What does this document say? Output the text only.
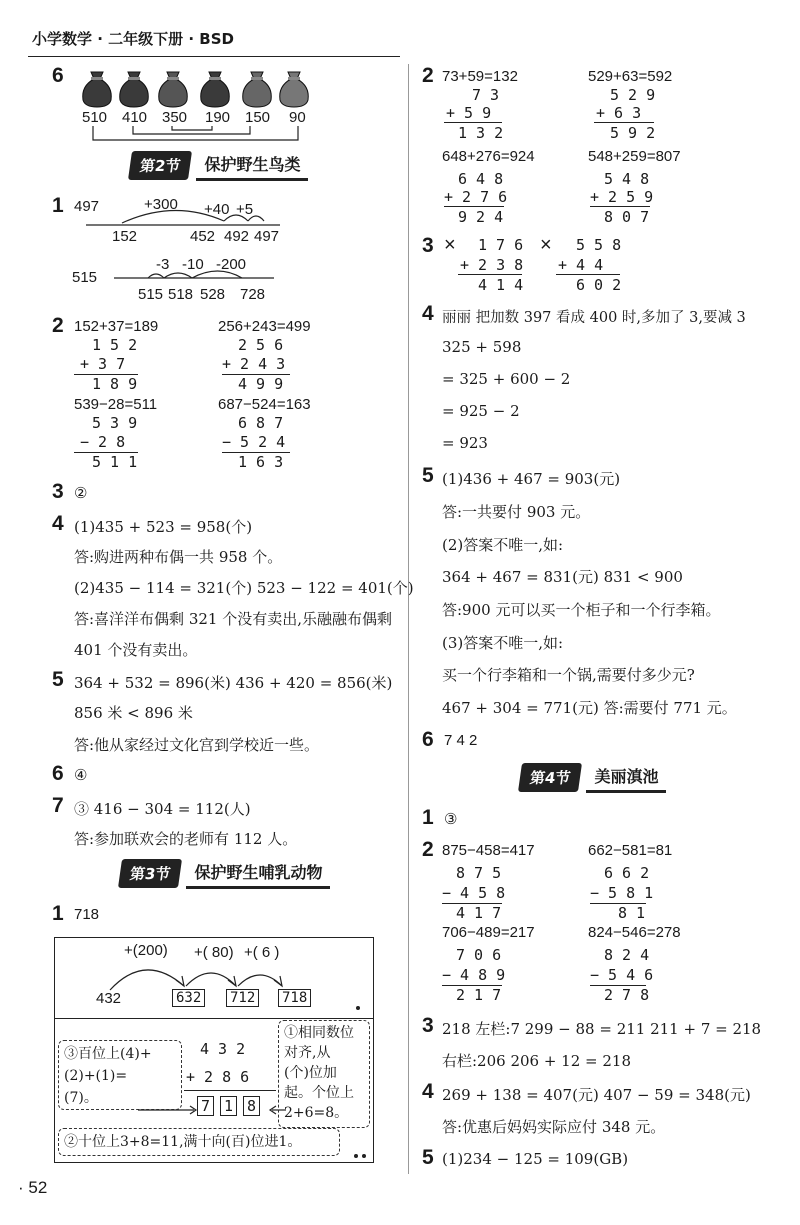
小学数学 · 二年级下册 · BSD
6
510 410 350 190 150 90
第2节	保护野生鸟类
1 497	+300 +40 +5
152	452 492 497
515
-3 -10 -200
515 518 528 728
2 152+37=189
1 5 2
+ 3 7
1 8 9
256+243=499
2 5 6
+ 2 4 3
4 9 9
539−28=511
5 3 9
− 2 8
5 1 1
687−524=163
6 8 7
− 5 2 4
1 6 3
3 ②
4 (1)435 + 523 = 958(个)
答:购进两种布偶一共 958 个。
(2)435 − 114 = 321(个) 523 − 122 = 401(个)
答:喜洋洋布偶剩 321 个没有卖出,乐融融布偶剩
401 个没有卖出。
5 364 + 532 = 896(米) 436 + 420 = 856(米)
856 米 < 896 米
答:他从家经过文化宫到学校近一些。
6 ④
7 ③ 416 − 304 = 112(人)
答:参加联欢会的老师有 112 人。
第3节	保护野生哺乳动物
1 718
+(200) +( 80) +( 6 )
432	632 712 718
③百位上(4)+
(2)+(1)=
(7)。
4 3 2
+ 2 8 6
7 1 8
①相同数位
对齐,从
(个)位加
起。个位上
2+6=8。
②十位上3+8=11,满十向(百)位进1。
· 52
2 73+59=132
7 3
+ 5 9
1 3 2
529+63=592
5 2 9
+ 6 3
5 9 2
648+276=924
6 4 8
+ 2 7 6
9 2 4
548+259=807
5 4 8
+ 2 5 9
8 0 7
3 × 1 7 6
+ 2 3 8
4 1 4
× 5 5 8
+ 4 4
6 0 2
4 丽丽 把加数 397 看成 400 时,多加了 3,要减 3
325 + 598
= 325 + 600 − 2
= 925 − 2
= 923
5 (1)436 + 467 = 903(元)
答:一共要付 903 元。
(2)答案不唯一,如:
364 + 467 = 831(元) 831 < 900
答:900 元可以买一个柜子和一个行李箱。
(3)答案不唯一,如:
买一个行李箱和一个锅,需要付多少元?
467 + 304 = 771(元) 答:需要付 771 元。
6 7 4 2
第4节	美丽滇池
1 ③
2 875−458=417
8 7 5
− 4 5 8
4 1 7
662−581=81
6 6 2
− 5 8 1
8 1
706−489=217
7 0 6
− 4 8 9
2 1 7
824−546=278
8 2 4
− 5 4 6
2 7 8
3 218 左栏:7 299 − 88 = 211 211 + 7 = 218
右栏:206 206 + 12 = 218
4 269 + 138 = 407(元) 407 − 59 = 348(元)
答:优惠后妈妈实际应付 348 元。
5 (1)234 − 125 = 109(GB)
